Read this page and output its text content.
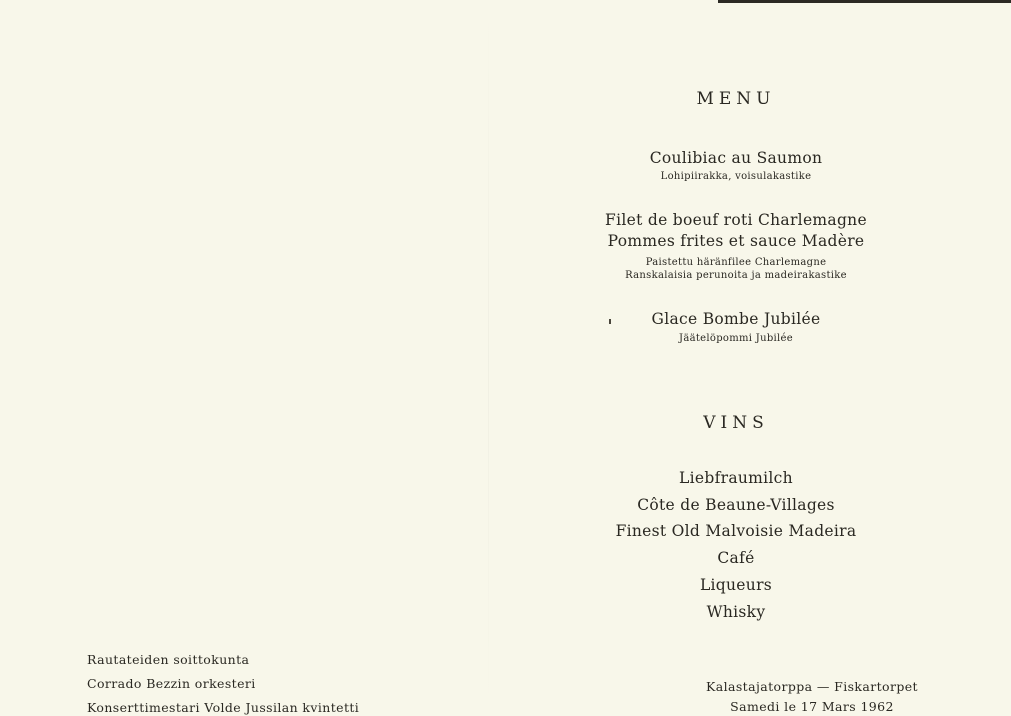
MENU
Coulibiac au Saumon
Lohipiirakka, voisulakastike
Filet de boeuf roti Charlemagne
Pommes frites et sauce Madère
Paistettu häränfilee Charlemagne
Ranskalaisia perunoita ja madeirakastike
Glace Bombe Jubilée
Jäätelöpommi Jubilée
VINS
Liebfraumilch
Côte de Beaune-Villages
Finest Old Malvoisie Madeira
Café
Liqueurs
Whisky
Rautateiden soittokunta
Corrado Bezzin orkesteri
Konserttimestari Volde Jussilan kvintetti
Kalastajatorppa — Fiskartorpet
Samedi le 17 Mars 1962
